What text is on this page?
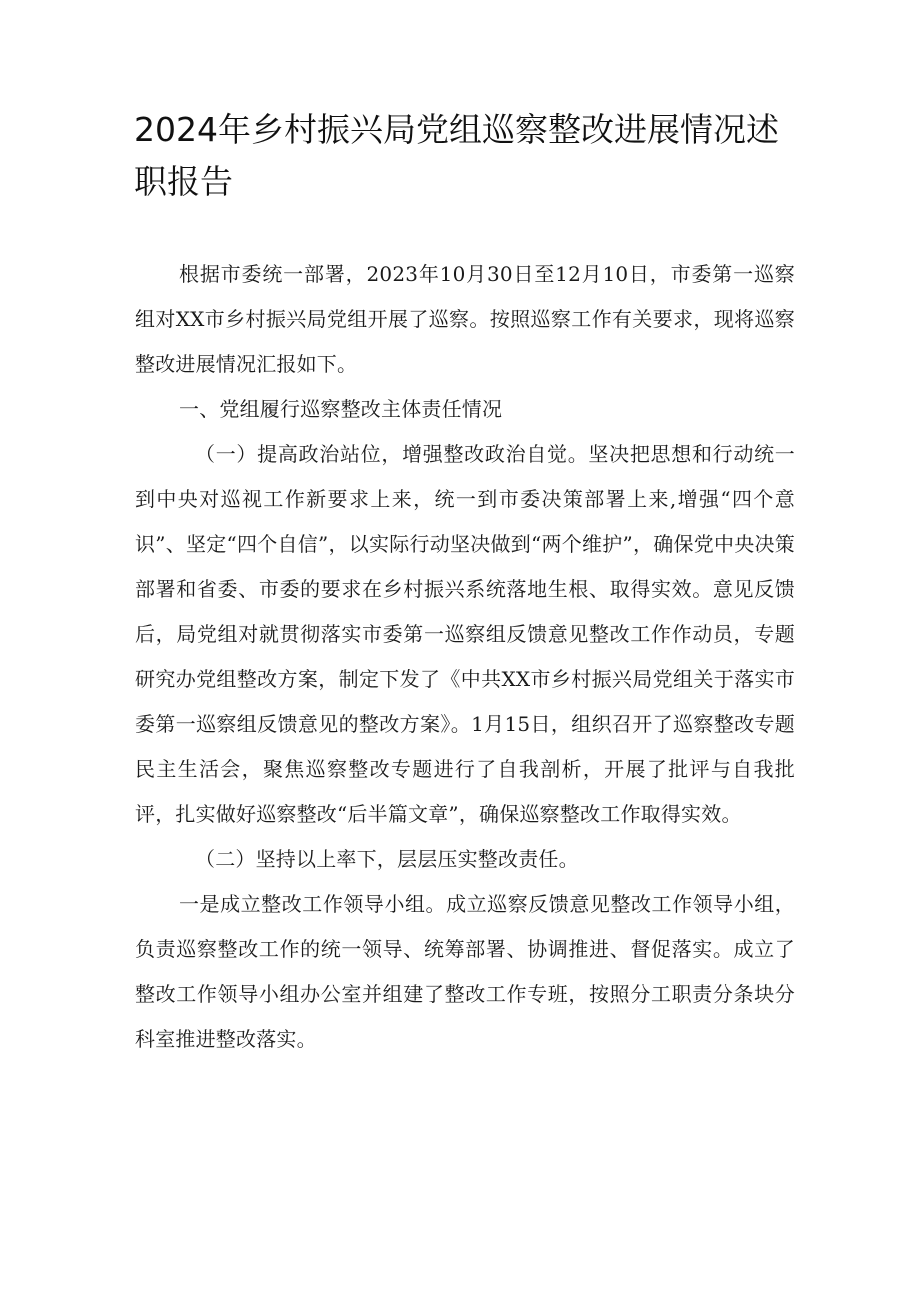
2024年乡村振兴局党组巡察整改进展情况述职报告

根据市委统一部署，2023年10月30日至12月10日，市委第一巡察组对XX市乡村振兴局党组开展了巡察。按照巡察工作有关要求，现将巡察整改进展情况汇报如下。

一、党组履行巡察整改主体责任情况

（一）提高政治站位，增强整改政治自觉。坚决把思想和行动统一到中央对巡视工作新要求上来，统一到市委决策部署上来,增强“四个意识”、坚定“四个自信”，以实际行动坚决做到“两个维护”，确保党中央决策部署和省委、市委的要求在乡村振兴系统落地生根、取得实效。意见反馈后，局党组对就贯彻落实市委第一巡察组反馈意见整改工作作动员，专题研究办党组整改方案，制定下发了《中共XX市乡村振兴局党组关于落实市委第一巡察组反馈意见的整改方案》。1月15日，组织召开了巡察整改专题民主生活会，聚焦巡察整改专题进行了自我剖析，开展了批评与自我批评，扎实做好巡察整改“后半篇文章”，确保巡察整改工作取得实效。

（二）坚持以上率下，层层压实整改责任。

一是成立整改工作领导小组。成立巡察反馈意见整改工作领导小组，负责巡察整改工作的统一领导、统筹部署、协调推进、督促落实。成立了整改工作领导小组办公室并组建了整改工作专班，按照分工职责分条块分科室推进整改落实。
